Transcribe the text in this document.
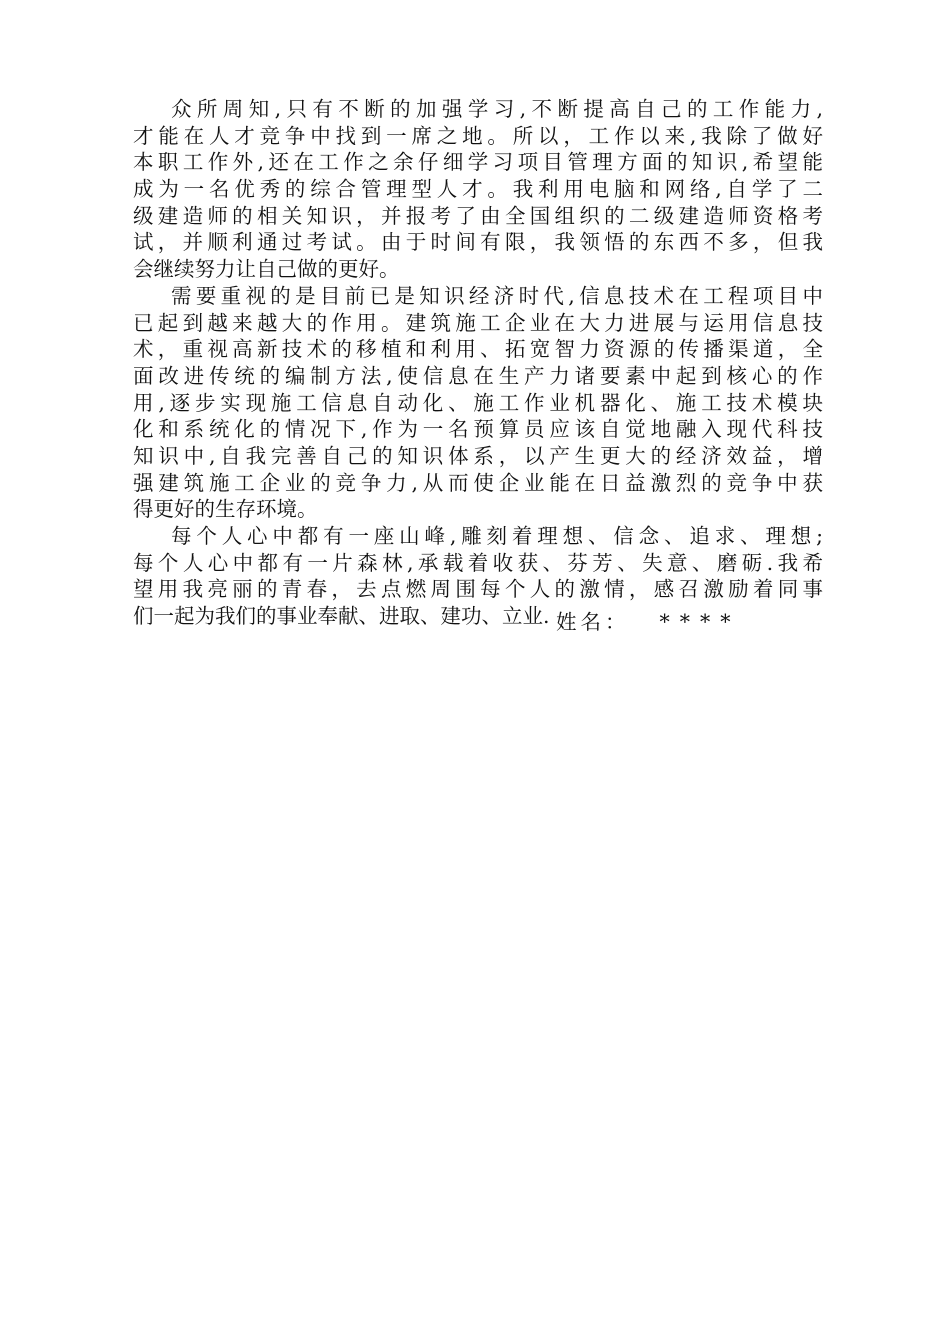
众所周知,只有不断的加强学习,不断提高自己的工作能力,
才能在人才竞争中找到一席之地。所以，工作以来,我除了做好
本职工作外,还在工作之余仔细学习项目管理方面的知识,希望能
成为一名优秀的综合管理型人才。我利用电脑和网络,自学了二
级建造师的相关知识，并报考了由全国组织的二级建造师资格考
试，并顺利通过考试。由于时间有限，我领悟的东西不多，但我
会继续努力让自己做的更好。
需要重视的是目前已是知识经济时代,信息技术在工程项目中
已起到越来越大的作用。建筑施工企业在大力进展与运用信息技
术，重视高新技术的移植和利用、拓宽智力资源的传播渠道，全
面改进传统的编制方法,使信息在生产力诸要素中起到核心的作
用,逐步实现施工信息自动化、施工作业机器化、施工技术模块
化和系统化的情况下,作为一名预算员应该自觉地融入现代科技
知识中,自我完善自己的知识体系，以产生更大的经济效益，增
强建筑施工企业的竞争力,从而使企业能在日益激烈的竞争中获
得更好的生存环境。
每个人心中都有一座山峰,雕刻着理想、信念、追求、理想;
每个人心中都有一片森林,承载着收获、芬芳、失意、磨砺.我希
望用我亮丽的青春，去点燃周围每个人的激情，感召激励着同事
们一起为我们的事业奉献、进取、建功、立业. 姓名： ****
